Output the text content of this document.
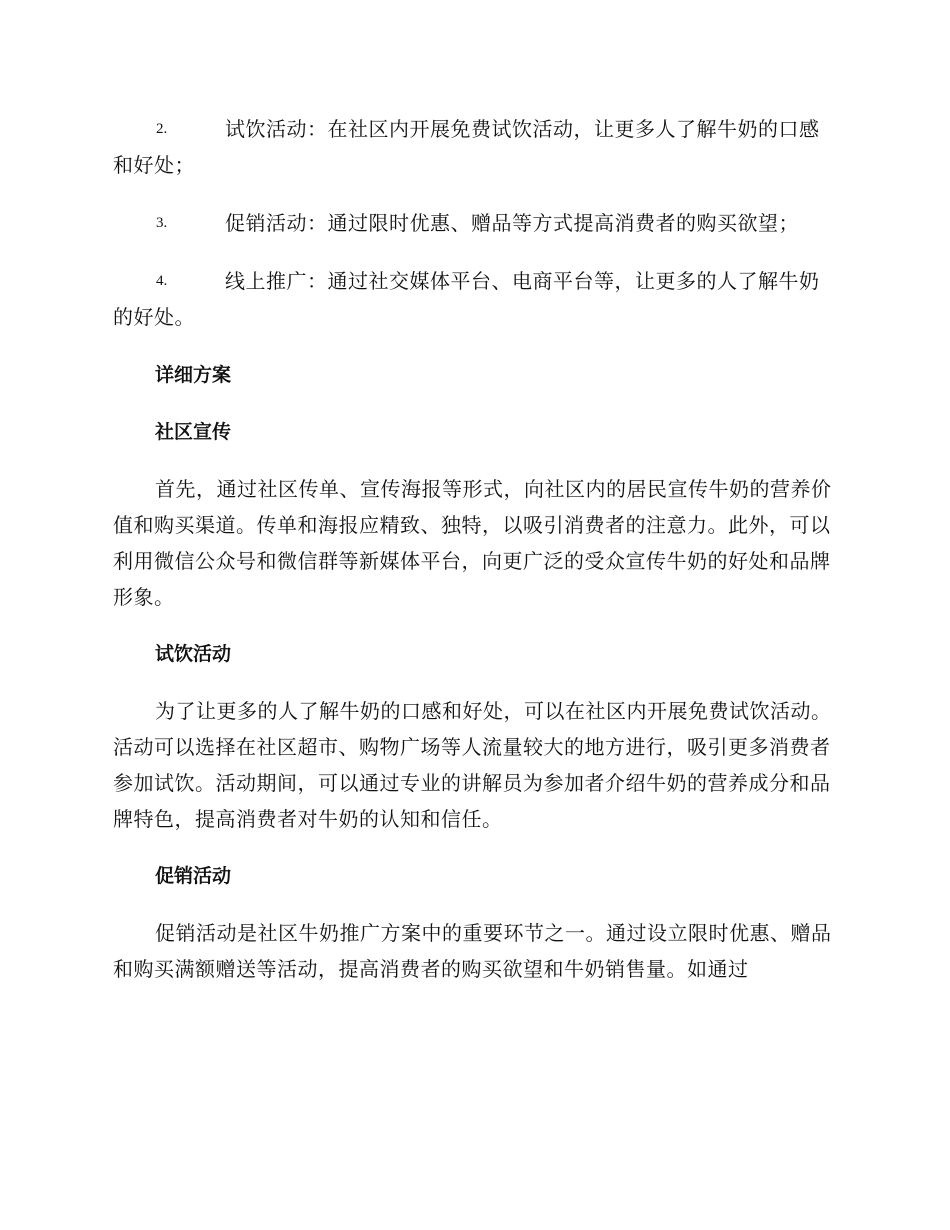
2.	试饮活动：在社区内开展免费试饮活动，让更多人了解牛奶的口感和好处；
3.	促销活动：通过限时优惠、赠品等方式提高消费者的购买欲望；
4.	线上推广：通过社交媒体平台、电商平台等，让更多的人了解牛奶的好处。
详细方案
社区宣传

首先，通过社区传单、宣传海报等形式，向社区内的居民宣传牛奶的营养价值和购买渠道。传单和海报应精致、独特，以吸引消费者的注意力。此外，可以利用微信公众号和微信群等新媒体平台，向更广泛的受众宣传牛奶的好处和品牌形象。

试饮活动

为了让更多的人了解牛奶的口感和好处，可以在社区内开展免费试饮活动。活动可以选择在社区超市、购物广场等人流量较大的地方进行，吸引更多消费者参加试饮。活动期间，可以通过专业的讲解员为参加者介绍牛奶的营养成分和品牌特色，提高消费者对牛奶的认知和信任。

促销活动

促销活动是社区牛奶推广方案中的重要环节之一。通过设立限时优惠、赠品和购买满额赠送等活动，提高消费者的购买欲望和牛奶销售量。如通过
